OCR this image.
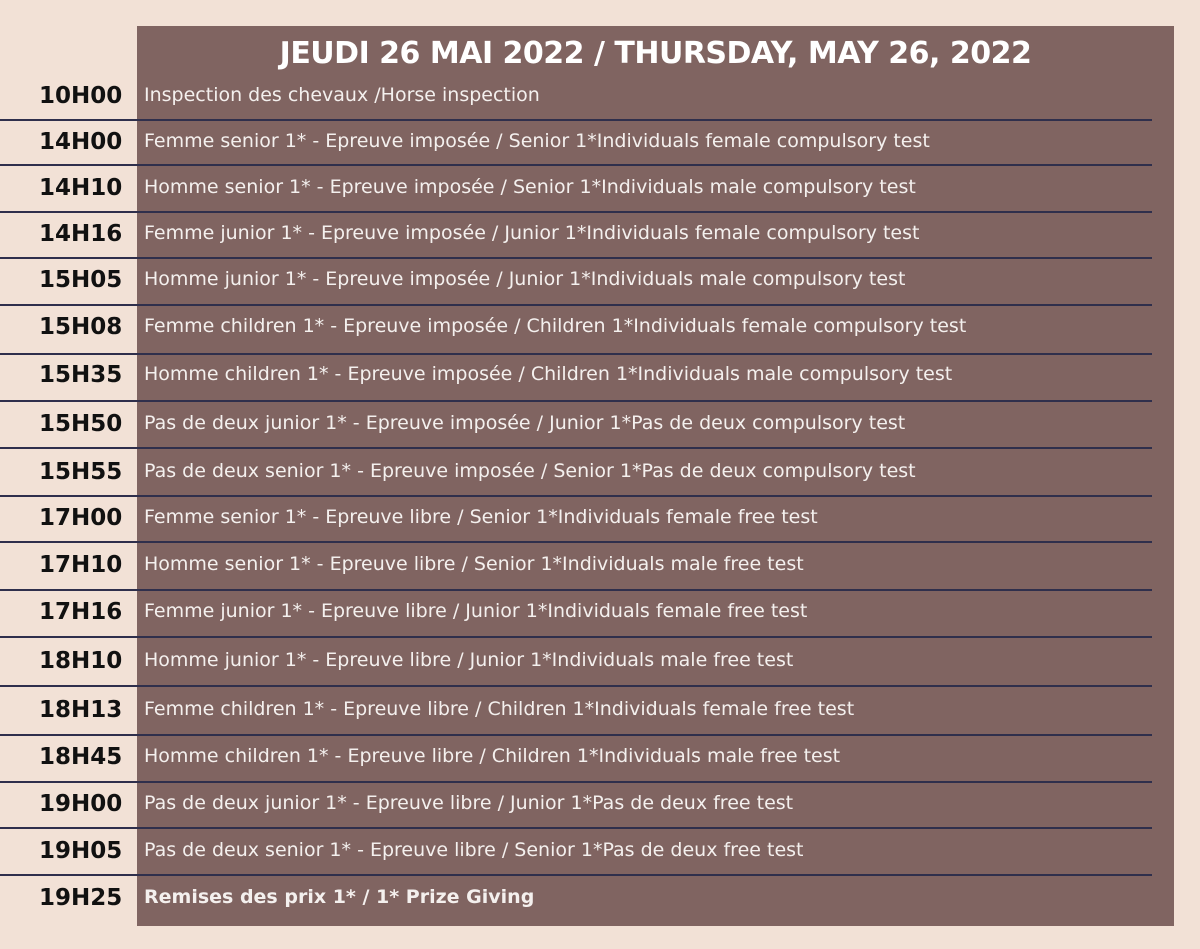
JEUDI 26 MAI 2022 / THURSDAY, MAY 26, 2022
10H00	Inspection des chevaux /Horse inspection
14H00	Femme senior 1* - Epreuve imposée / Senior 1*Individuals female compulsory test
14H10	Homme senior 1* - Epreuve imposée / Senior 1*Individuals male compulsory test
14H16	Femme junior 1* - Epreuve imposée / Junior 1*Individuals female compulsory test
15H05	Homme junior 1* - Epreuve imposée / Junior 1*Individuals male compulsory test
15H08	Femme children 1* - Epreuve imposée / Children 1*Individuals female compulsory test
15H35	Homme children 1* - Epreuve imposée / Children 1*Individuals male compulsory test
15H50	Pas de deux junior 1* - Epreuve imposée / Junior 1*Pas de deux compulsory test
15H55	Pas de deux senior 1* - Epreuve imposée / Senior 1*Pas de deux compulsory test
17H00	Femme senior 1* - Epreuve libre / Senior 1*Individuals female free test
17H10	Homme senior 1* - Epreuve libre / Senior 1*Individuals male free test
17H16	Femme junior 1* - Epreuve libre / Junior 1*Individuals female free test
18H10	Homme junior 1* - Epreuve libre / Junior 1*Individuals male free test
18H13	Femme children 1* - Epreuve libre / Children 1*Individuals female free test
18H45	Homme children 1* - Epreuve libre / Children 1*Individuals male free test
19H00	Pas de deux junior 1* - Epreuve libre / Junior 1*Pas de deux free test
19H05	Pas de deux senior 1* - Epreuve libre / Senior 1*Pas de deux free test
19H25	Remises des prix 1* / 1* Prize Giving
